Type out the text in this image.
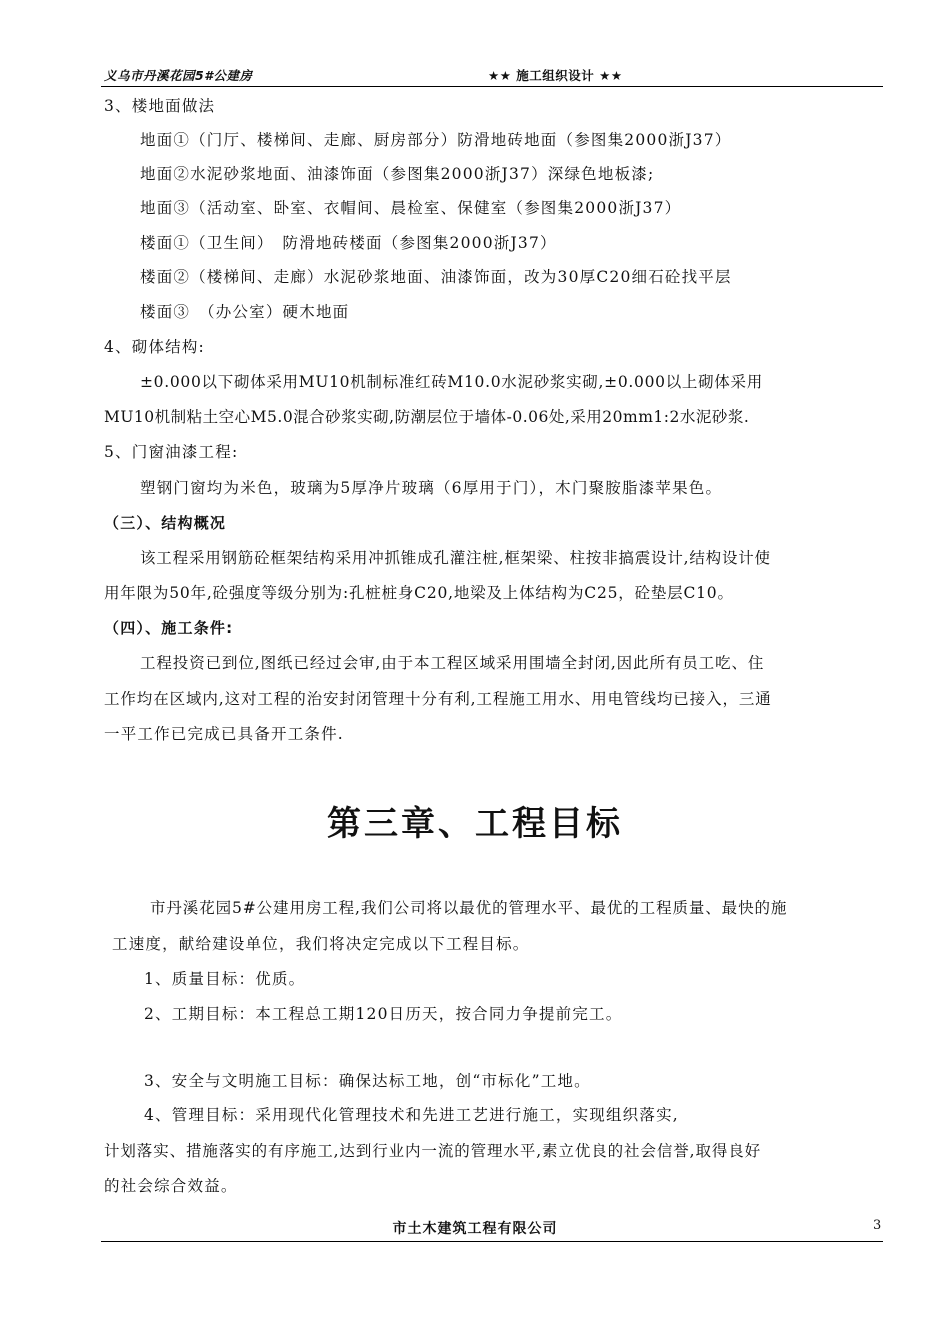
义乌市丹溪花园5#公建房	★★ 施工组织设计 ★★
3、楼地面做法
地面①（门厅、楼梯间、走廊、厨房部分）防滑地砖地面（参图集2000浙J37）
地面②水泥砂浆地面、油漆饰面（参图集2000浙J37）深绿色地板漆;
地面③（活动室、卧室、衣帽间、晨检室、保健室（参图集2000浙J37）
楼面①（卫生间）　防滑地砖楼面（参图集2000浙J37）
楼面②（楼梯间、走廊）水泥砂浆地面、油漆饰面，改为30厚C20细石砼找平层
楼面③　（办公室）硬木地面
4、砌体结构:
±0.000以下砌体采用MU10机制标准红砖M10.0水泥砂浆实砌,±0.000以上砌体采用
MU10机制粘土空心M5.0混合砂浆实砌,防潮层位于墙体-0.06处,采用20mm1:2水泥砂浆.
5、门窗油漆工程:
塑钢门窗均为米色，玻璃为5厚净片玻璃（6厚用于门），木门聚胺脂漆苹果色。
（三）、结构概况
该工程采用钢筋砼框架结构采用冲抓锥成孔灌注桩,框架梁、柱按非搞震设计,结构设计使
用年限为50年,砼强度等级分别为:孔桩桩身C20,地梁及上体结构为C25，砼垫层C10。
（四）、施工条件:
工程投资已到位,图纸已经过会审,由于本工程区域采用围墙全封闭,因此所有员工吃、住
工作均在区域内,这对工程的治安封闭管理十分有利,工程施工用水、用电管线均已接入，三通
一平工作已完成已具备开工条件.
第三章、工程目标
市丹溪花园5#公建用房工程,我们公司将以最优的管理水平、最优的工程质量、最快的施
工速度，献给建设单位，我们将决定完成以下工程目标。
1、质量目标：优质。
2、工期目标：本工程总工期120日历天，按合同力争提前完工。
3、安全与文明施工目标：确保达标工地，创“市标化”工地。
4、管理目标：采用现代化管理技术和先进工艺进行施工，实现组织落实,
计划落实、措施落实的有序施工,达到行业内一流的管理水平,素立优良的社会信誉,取得良好
的社会综合效益。
市土木建筑工程有限公司	3
